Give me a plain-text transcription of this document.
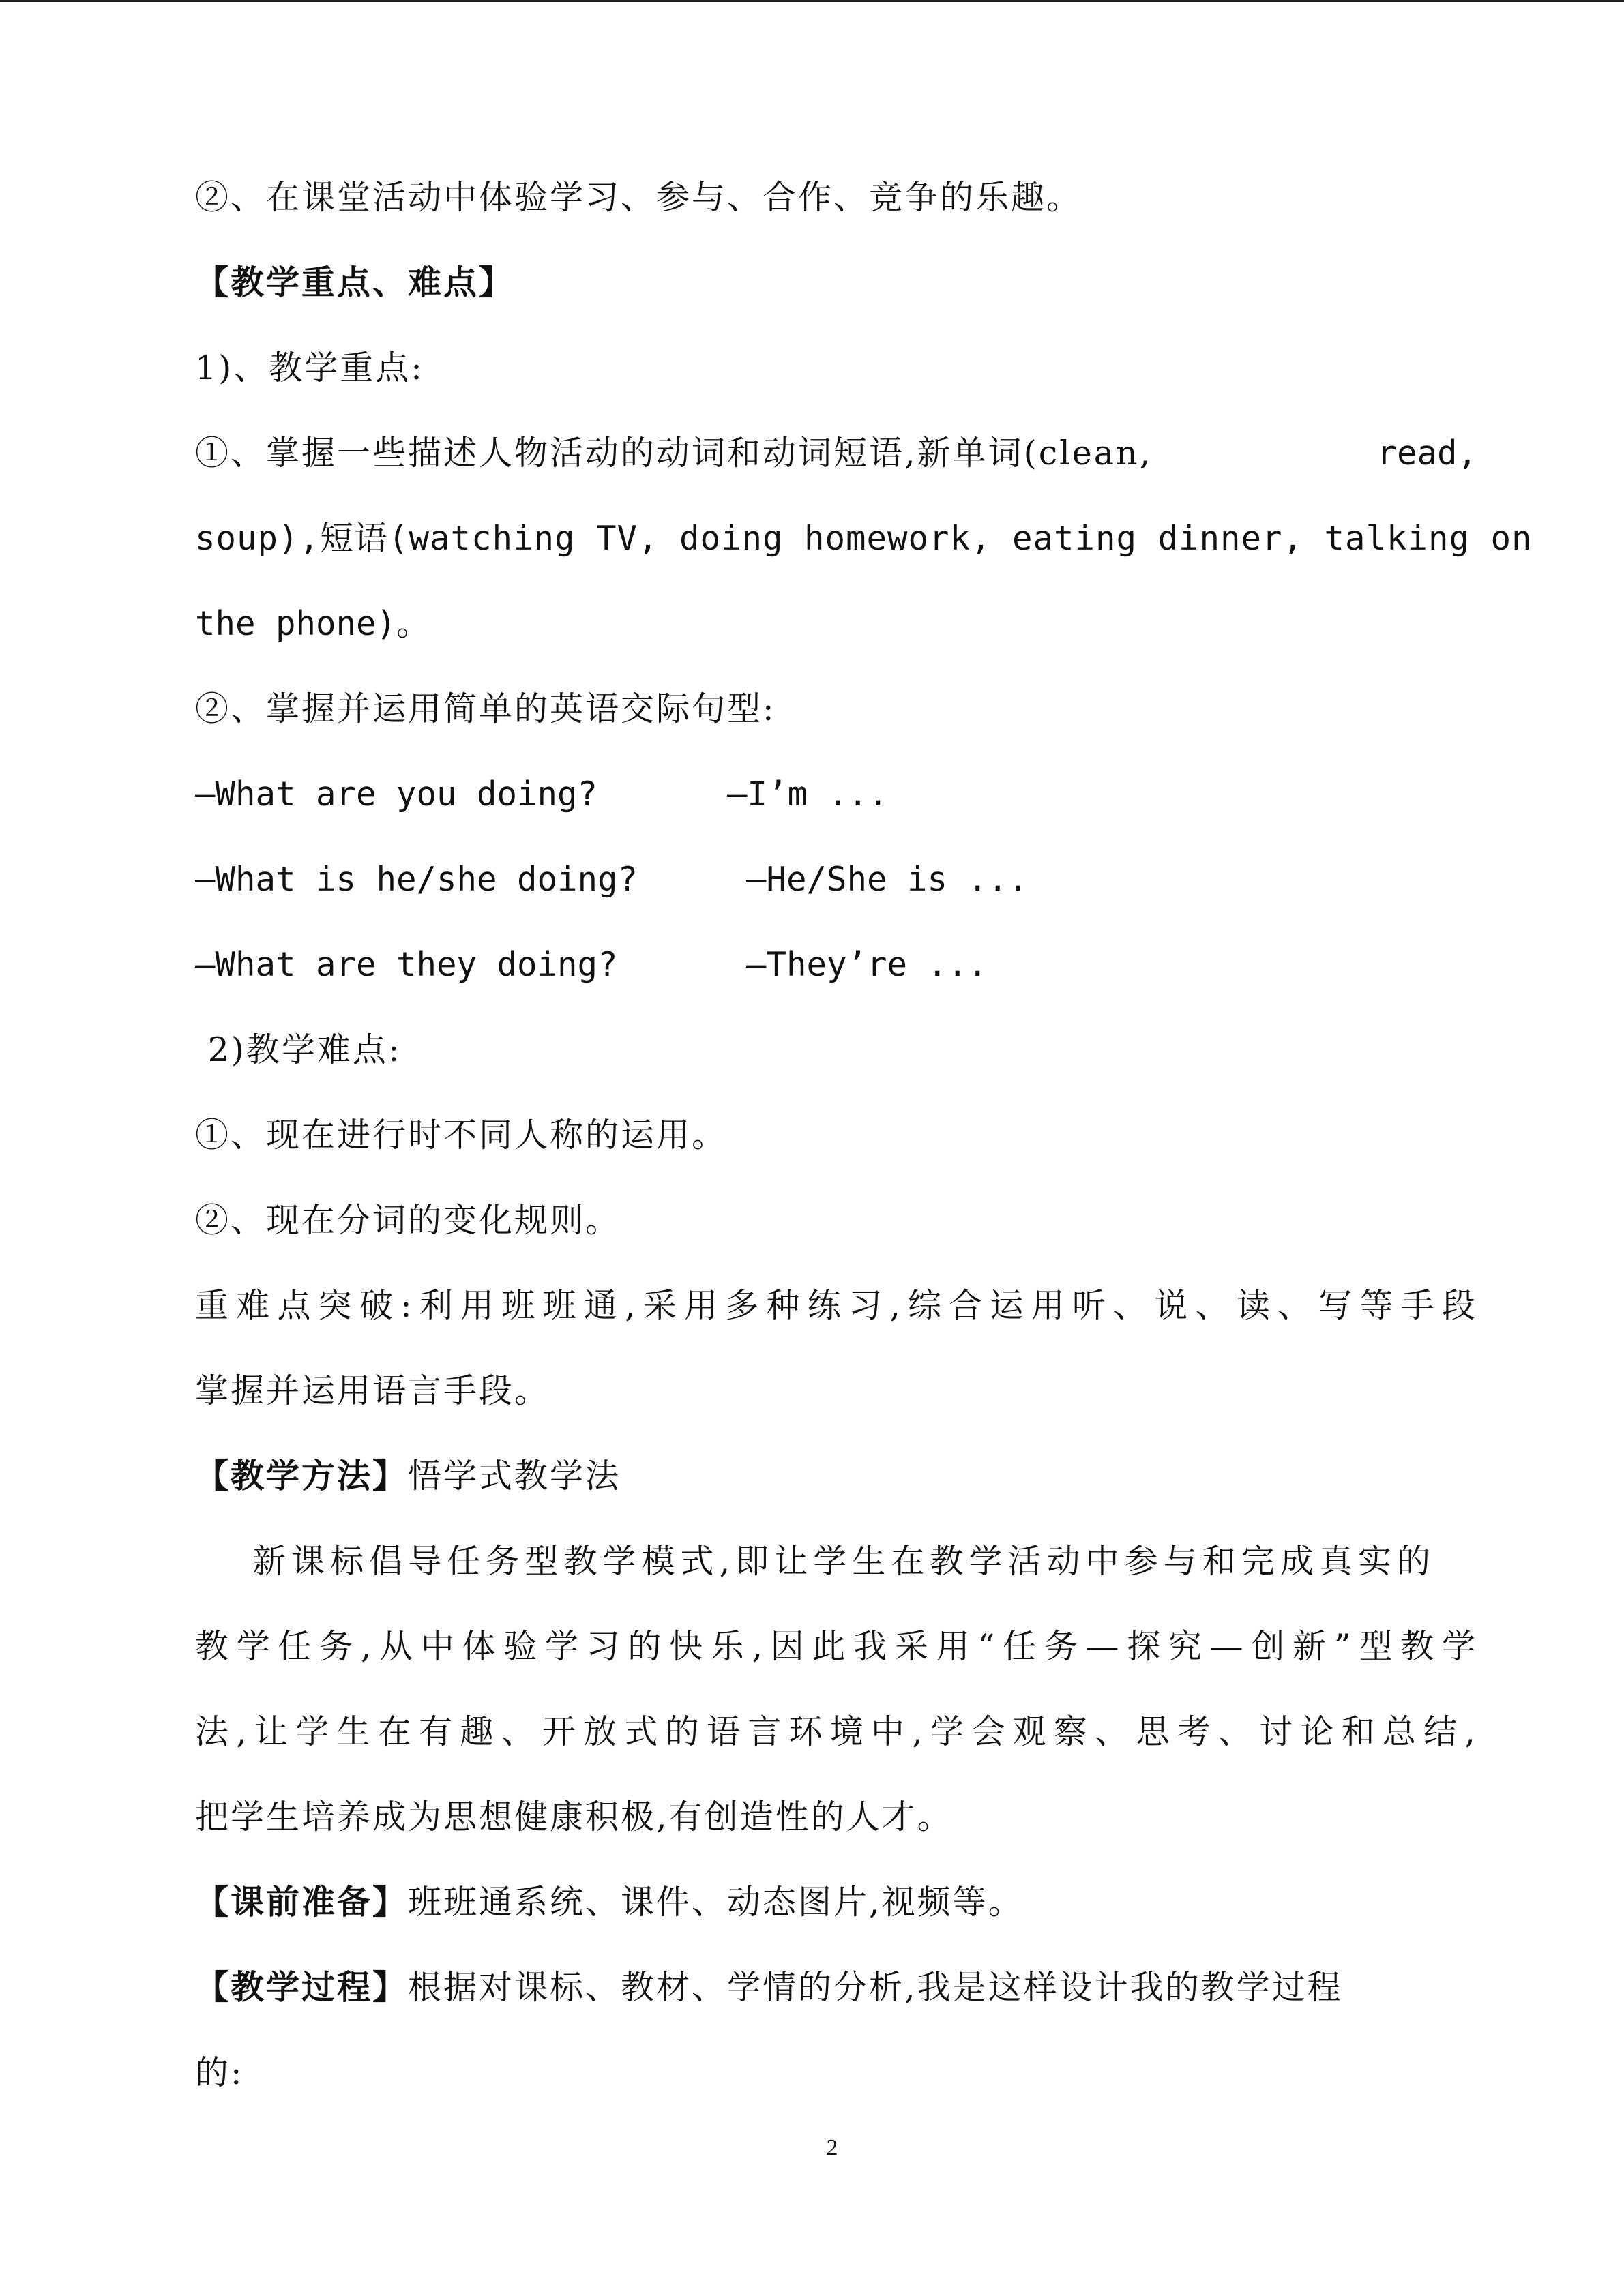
②、在课堂活动中体验学习、参与、合作、竞争的乐趣。
【教学重点、难点】
1)、教学重点:
①、掌握一些描述人物活动的动词和动词短语,新单词(clean,	read,
soup),短语(watching TV, doing homework, eating dinner, talking on
the phone)。
②、掌握并运用简单的英语交际句型:
—What are you doing?	—I’m ...
—What is he/she doing?	—He/She is ...
—What are they doing?	—They’re ...
2)教学难点:
①、现在进行时不同人称的运用。
②、现在分词的变化规则。
重难点突破:利用班班通,采用多种练习,综合运用听、说、读、写等手段
掌握并运用语言手段。
【教学方法】悟学式教学法
新课标倡导任务型教学模式,即让学生在教学活动中参与和完成真实的
教学任务,从中体验学习的快乐,因此我采用“任务—探究—创新”型教学
法,让学生在有趣、开放式的语言环境中,学会观察、思考、讨论和总结,
把学生培养成为思想健康积极,有创造性的人才。
【课前准备】班班通系统、课件、动态图片,视频等。
【教学过程】根据对课标、教材、学情的分析,我是这样设计我的教学过程
的:
2
